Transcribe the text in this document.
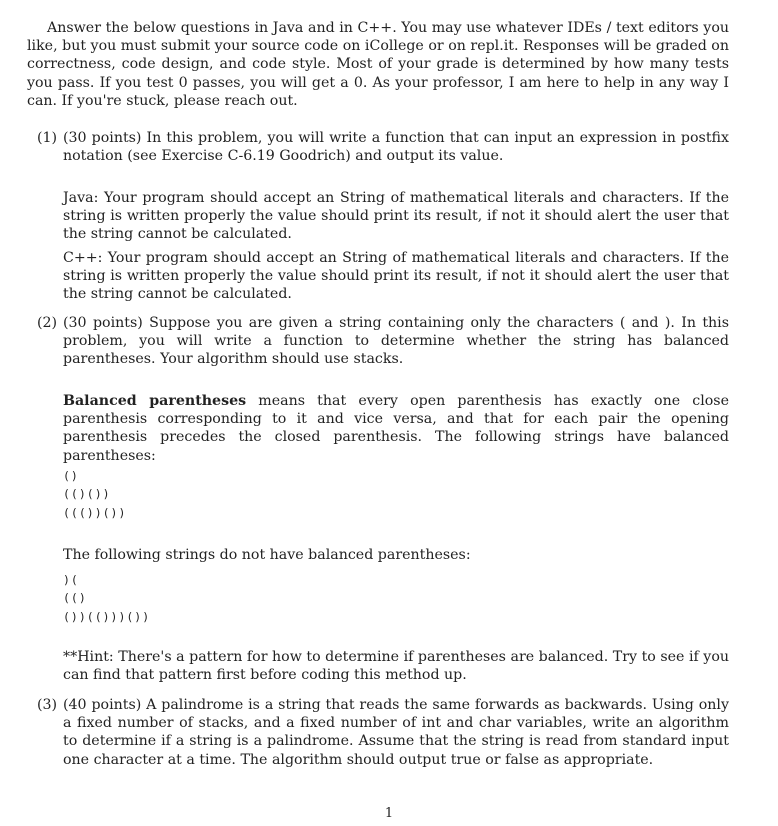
Answer the below questions in Java and in C++. You may use whatever IDEs / text editors you like, but you must submit your source code on iCollege or on repl.it. Responses will be graded on correctness, code design, and code style. Most of your grade is determined by how many tests you pass. If you test 0 passes, you will get a 0. As your professor, I am here to help in any way I can. If you're stuck, please reach out.
(1) (30 points) In this problem, you will write a function that can input an expression in postfix notation (see Exercise C-6.19 Goodrich) and output its value.
Java: Your program should accept an String of mathematical literals and characters. If the string is written properly the value should print its result, if not it should alert the user that the string cannot be calculated.
C++: Your program should accept an String of mathematical literals and characters. If the string is written properly the value should print its result, if not it should alert the user that the string cannot be calculated.
(2) (30 points) Suppose you are given a string containing only the characters ( and ). In this problem, you will write a function to determine whether the string has balanced parentheses. Your algorithm should use stacks.
Balanced parentheses means that every open parenthesis has exactly one close parenthesis corresponding to it and vice versa, and that for each pair the opening parenthesis precedes the closed parenthesis. The following strings have balanced parentheses:
()
(()())
((())())
The following strings do not have balanced parentheses:
)(
(()
())(()))())
**Hint: There's a pattern for how to determine if parentheses are balanced. Try to see if you can find that pattern first before coding this method up.
(3) (40 points) A palindrome is a string that reads the same forwards as backwards. Using only a fixed number of stacks, and a fixed number of int and char variables, write an algorithm to determine if a string is a palindrome. Assume that the string is read from standard input one character at a time. The algorithm should output true or false as appropriate.
1
